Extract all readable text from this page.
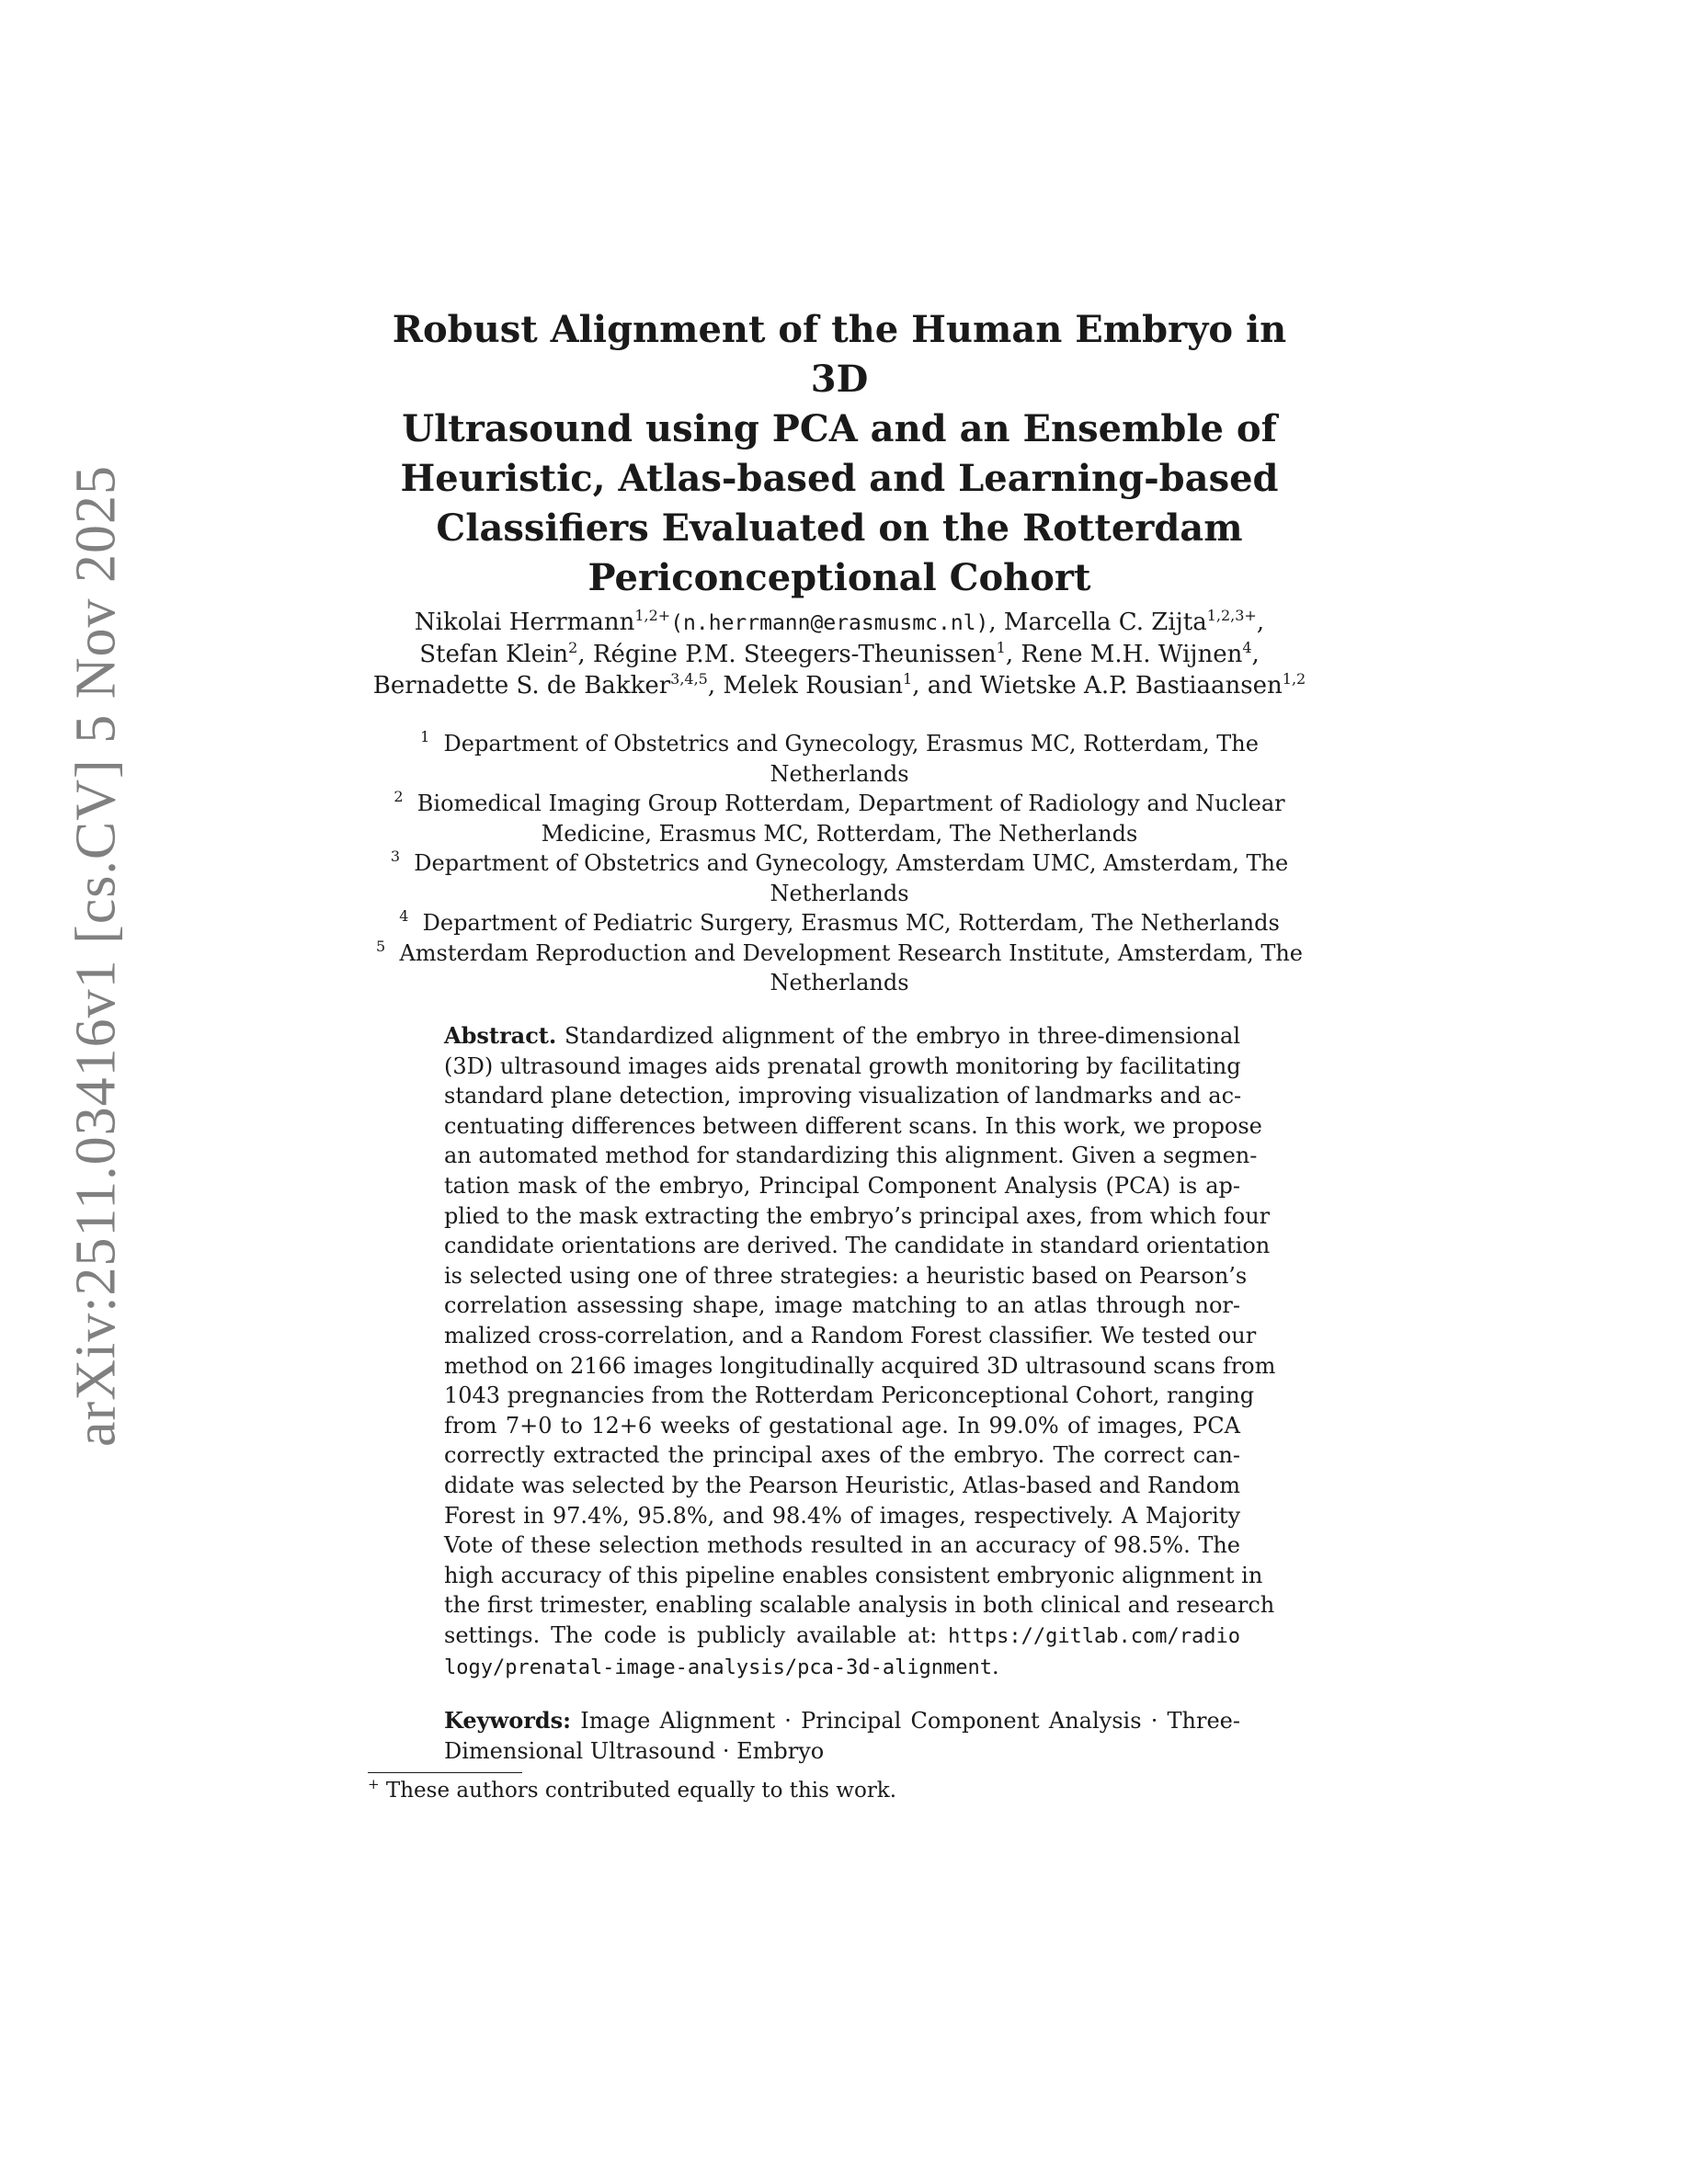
arXiv:2511.03416v1 [cs.CV] 5 Nov 2025
Robust Alignment of the Human Embryo in 3D
Ultrasound using PCA and an Ensemble of
Heuristic, Atlas-based and Learning-based
Classifiers Evaluated on the Rotterdam
Periconceptional Cohort
Nikolai Herrmann$^{1,2+}$(n.herrmann@erasmusmc.nl), Marcella C. Zijta$^{1,2,3+}$,
Stefan Klein$^2$, Régine P.M. Steegers-Theunissen$^1$, Rene M.H. Wijnen$^4$,
Bernadette S. de Bakker$^{3,4,5}$, Melek Rousian$^1$, and Wietske A.P. Bastiaansen$^{1,2}$
$^1$ Department of Obstetrics and Gynecology, Erasmus MC, Rotterdam, The
Netherlands
$^2$ Biomedical Imaging Group Rotterdam, Department of Radiology and Nuclear
Medicine, Erasmus MC, Rotterdam, The Netherlands
$^3$ Department of Obstetrics and Gynecology, Amsterdam UMC, Amsterdam, The
Netherlands
$^4$ Department of Pediatric Surgery, Erasmus MC, Rotterdam, The Netherlands
$^5$ Amsterdam Reproduction and Development Research Institute, Amsterdam, The
Netherlands
Abstract. Standardized alignment of the embryo in three-dimensional
(3D) ultrasound images aids prenatal growth monitoring by facilitating
standard plane detection, improving visualization of landmarks and ac-
centuating differences between different scans. In this work, we propose
an automated method for standardizing this alignment. Given a segmen-
tation mask of the embryo, Principal Component Analysis (PCA) is ap-
plied to the mask extracting the embryo’s principal axes, from which four
candidate orientations are derived. The candidate in standard orientation
is selected using one of three strategies: a heuristic based on Pearson’s
correlation assessing shape, image matching to an atlas through nor-
malized cross-correlation, and a Random Forest classifier. We tested our
method on 2166 images longitudinally acquired 3D ultrasound scans from
1043 pregnancies from the Rotterdam Periconceptional Cohort, ranging
from 7+0 to 12+6 weeks of gestational age. In 99.0% of images, PCA
correctly extracted the principal axes of the embryo. The correct can-
didate was selected by the Pearson Heuristic, Atlas-based and Random
Forest in 97.4%, 95.8%, and 98.4% of images, respectively. A Majority
Vote of these selection methods resulted in an accuracy of 98.5%. The
high accuracy of this pipeline enables consistent embryonic alignment in
the first trimester, enabling scalable analysis in both clinical and research
settings. The code is publicly available at: https://gitlab.com/radio
logy/prenatal-image-analysis/pca-3d-alignment.
Keywords: Image Alignment · Principal Component Analysis · Three-
Dimensional Ultrasound · Embryo
+ These authors contributed equally to this work.
